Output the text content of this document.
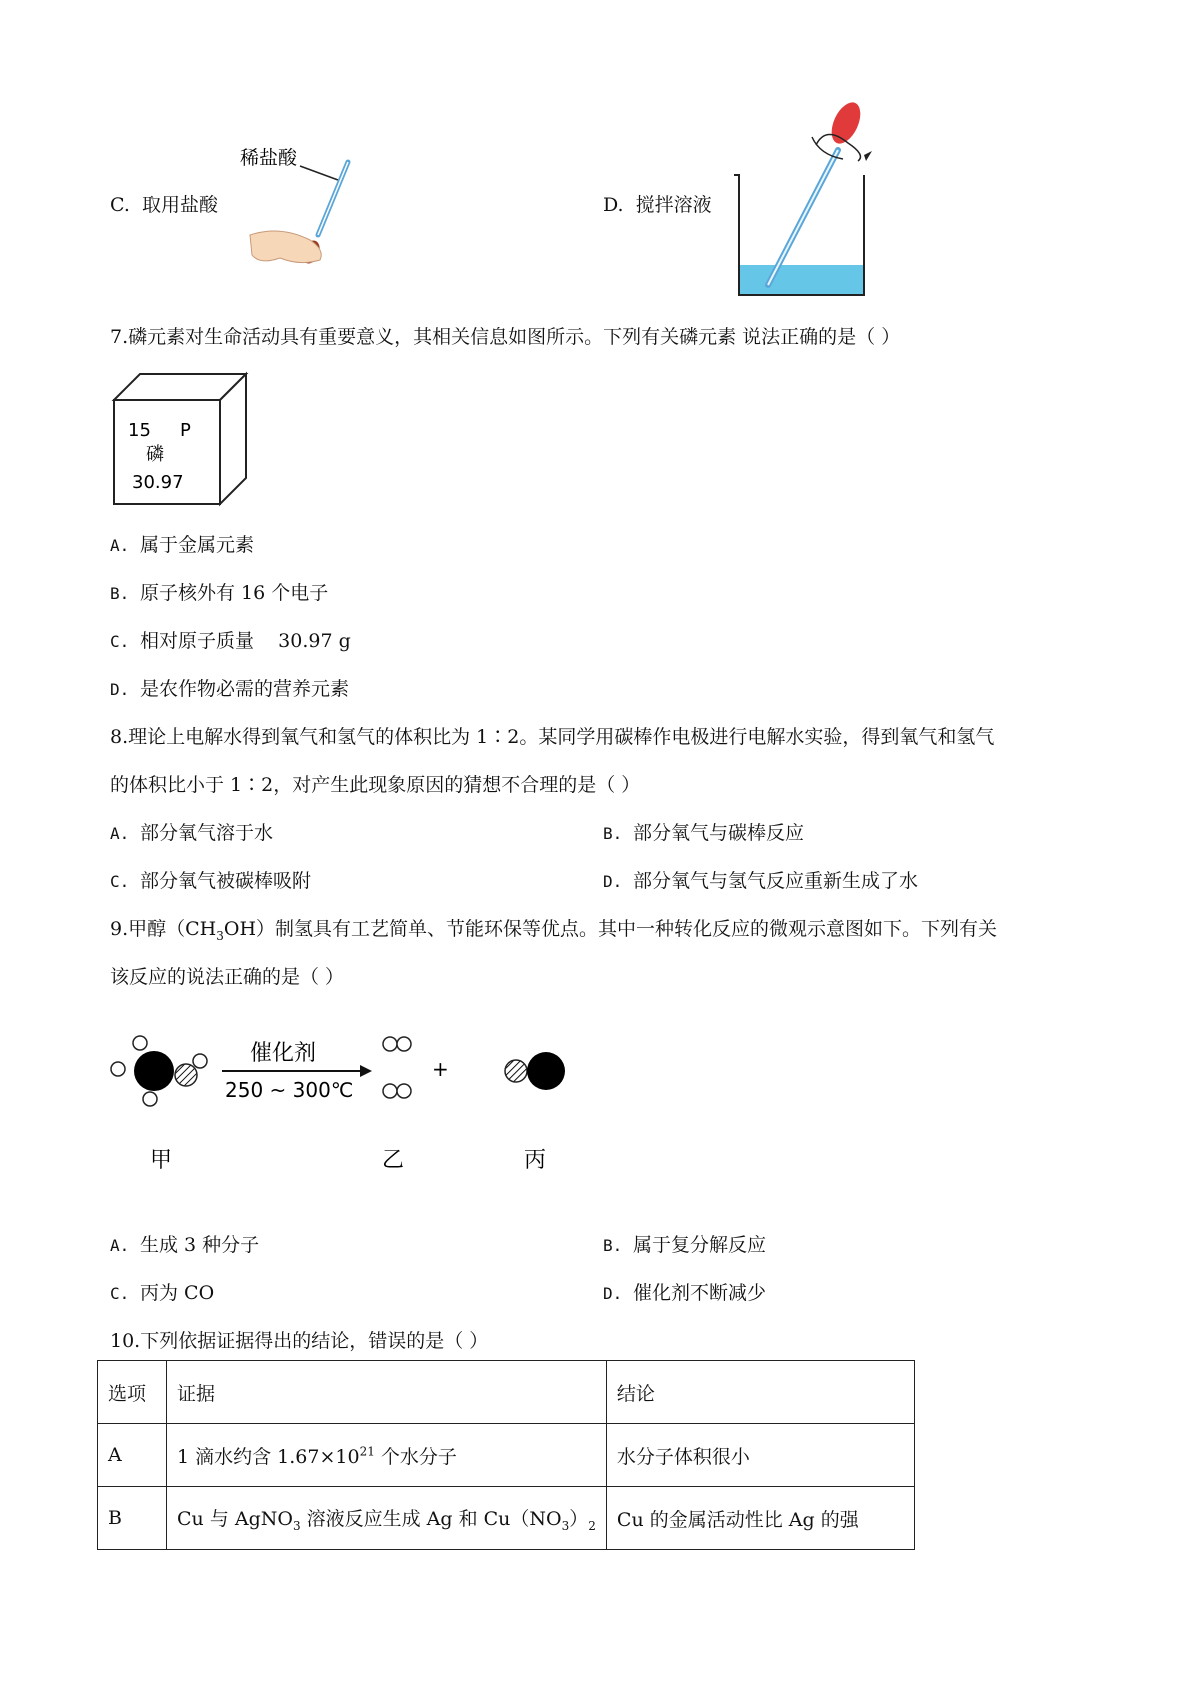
C. 取用盐酸
稀盐酸
D. 搅拌溶液
7.磷元素对生命活动具有重要意义，其相关信息如图所示。下列有关磷元素 说法正确的是（ ）
15 P
磷
30.97
A. 属于金属元素
B. 原子核外有 16 个电子
C. 相对原子质量    30.97 g
D. 是农作物必需的营养元素
8.理论上电解水得到氧气和氢气的体积比为 1∶2。某同学用碳棒作电极进行电解水实验，得到氧气和氢气
的体积比小于 1∶2，对产生此现象原因的猜想不合理的是（ ）
A. 部分氧气溶于水	B. 部分氧气与碳棒反应
C. 部分氧气被碳棒吸附	D. 部分氧气与氢气反应重新生成了水
9.甲醇$(CH_3OH)$制氢具有工艺简单、节能环保等优点。其中一种转化反应的微观示意图如下。下列有关
该反应的说法正确的是（ ）
催化剂
250 ~ 300℃
+
甲	乙	丙
A. 生成 3 种分子	B. 属于复分解反应
C. 丙为 CO	D. 催化剂不断减少
10.下列依据证据得出的结论，错误的是（ ）
选项	证据	结论
A	1 滴水约含 $1.67\times 10^{21}$ 个水分子	水分子体积很小
B	Cu 与 AgNO$_3$ 溶液反应生成 Ag 和 $Cu(NO_3)_2$	Cu 的金属活动性比 Ag 的强
